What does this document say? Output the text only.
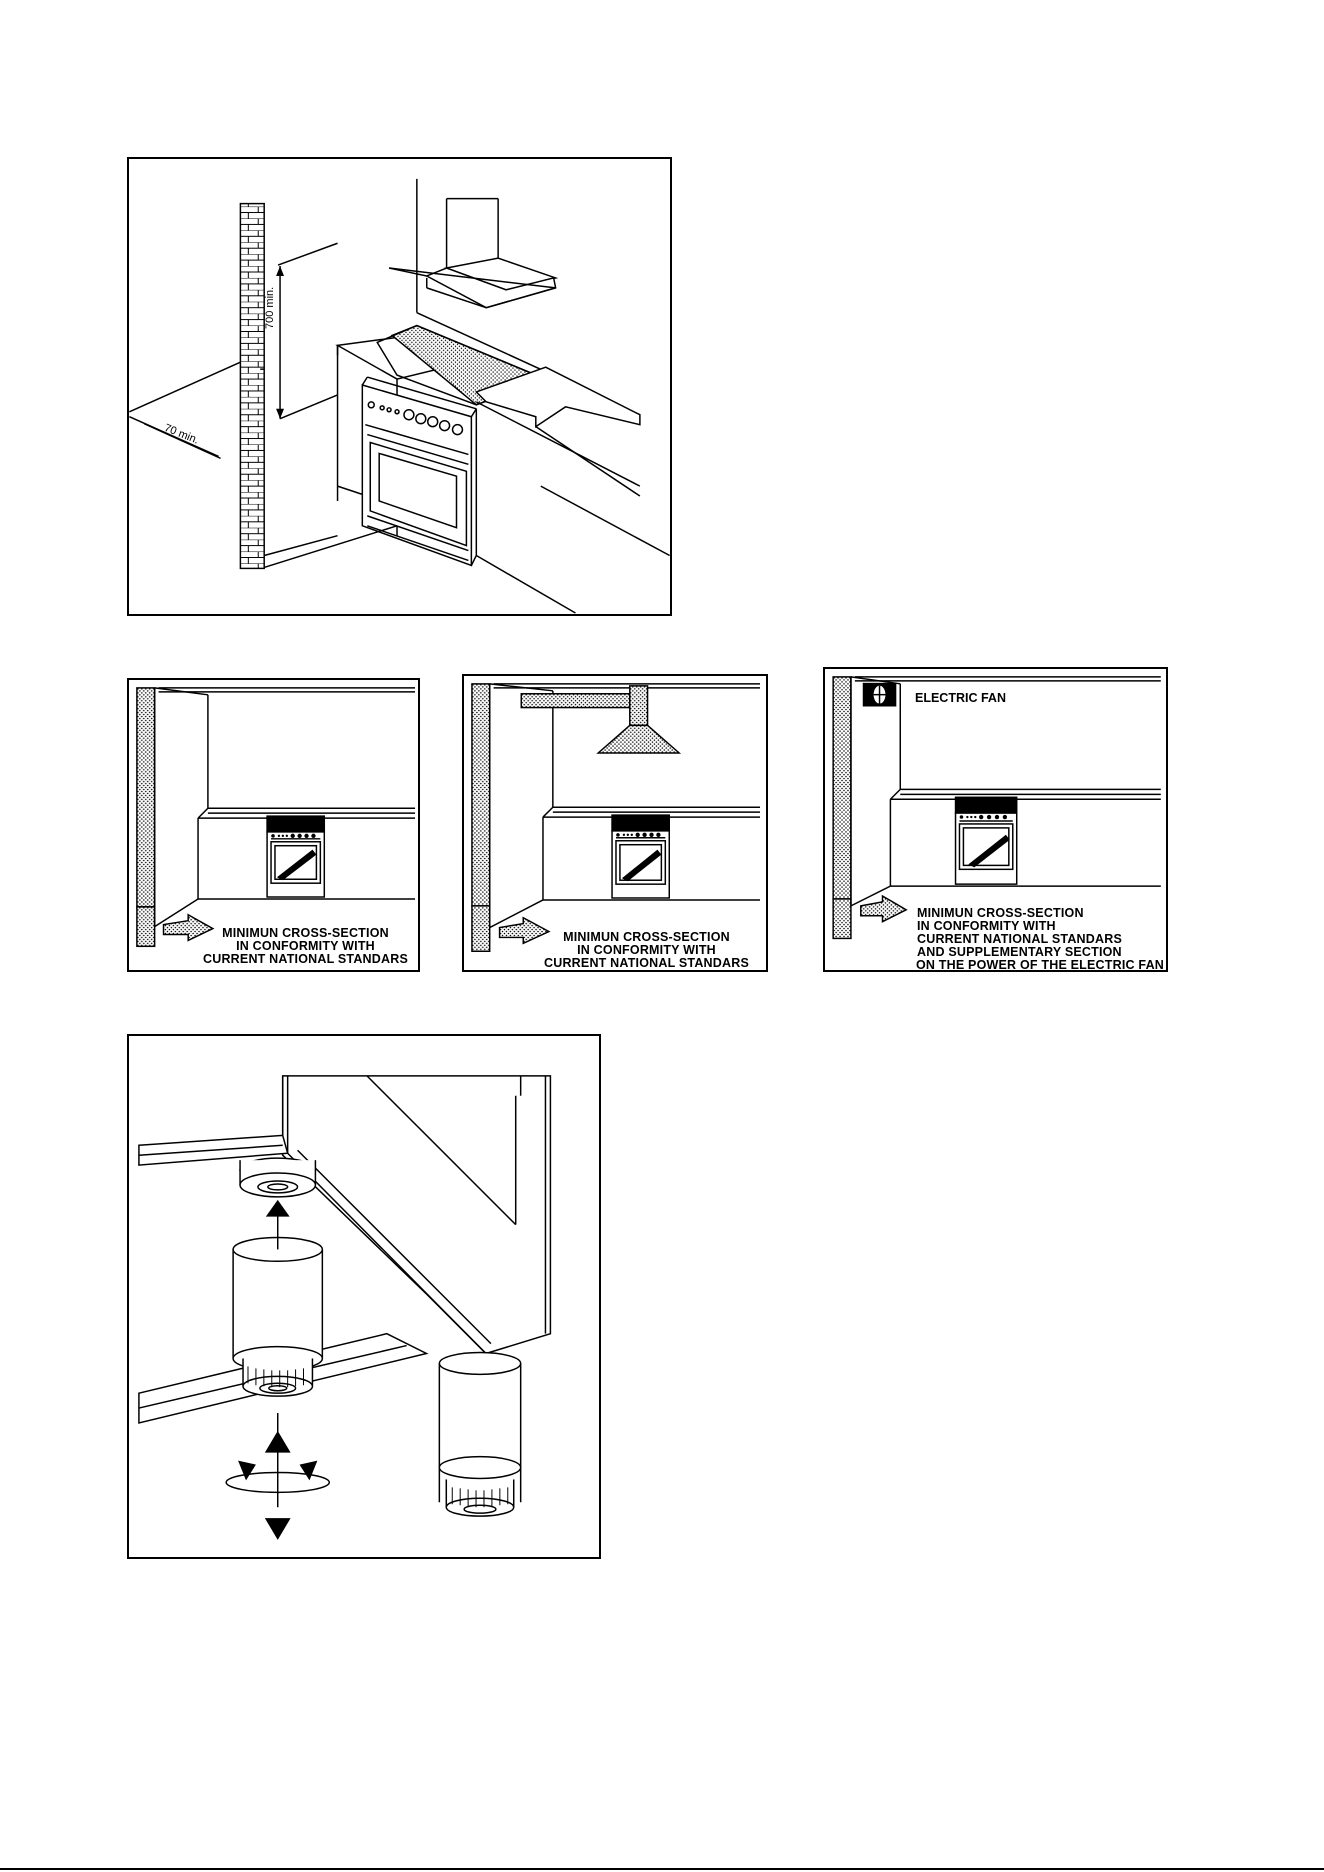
700 min.
70 min.
MINIMUN CROSS-SECTION
IN CONFORMITY WITH
CURRENT NATIONAL STANDARS
MINIMUN CROSS-SECTION
IN CONFORMITY WITH
CURRENT NATIONAL STANDARS
ELECTRIC FAN
MINIMUN CROSS-SECTION
IN CONFORMITY WITH
CURRENT NATIONAL STANDARS
AND SUPPLEMENTARY SECTION
ON THE POWER OF THE ELECTRIC FAN
